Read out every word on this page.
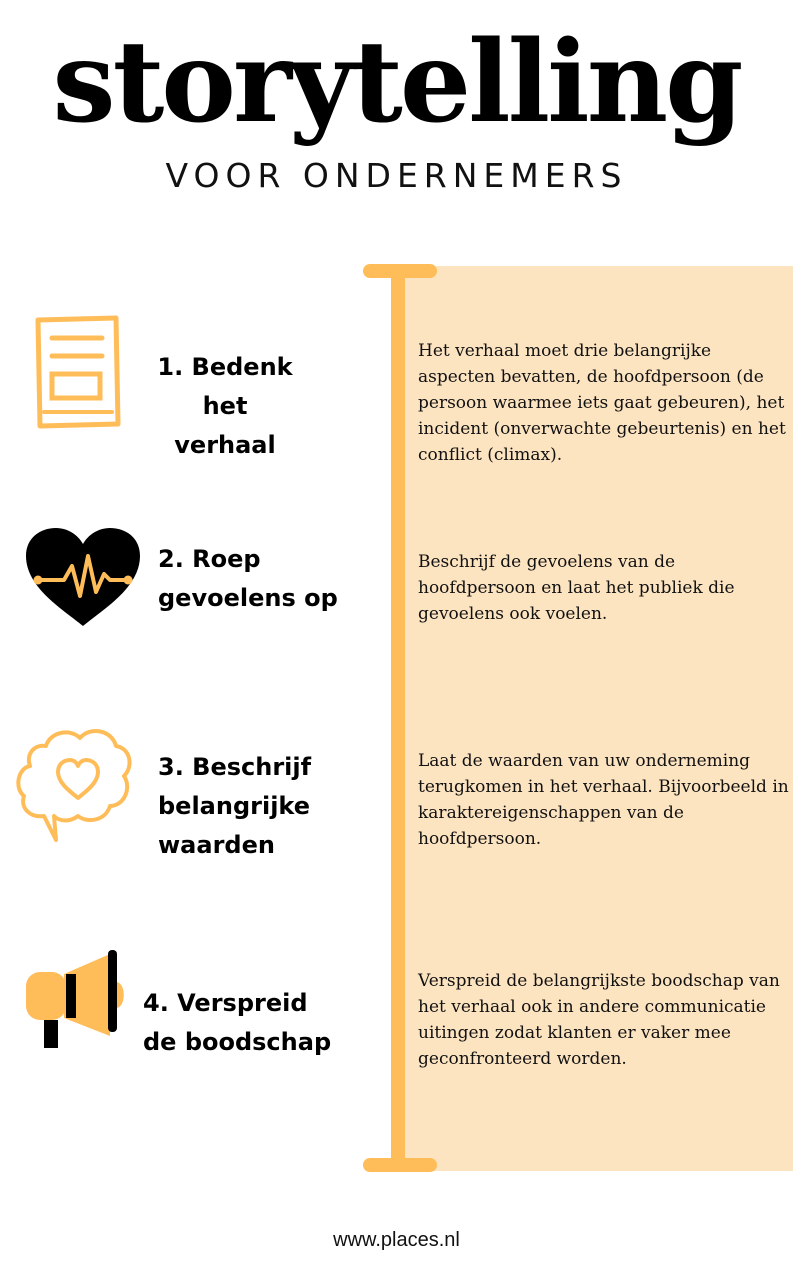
storytelling
VOOR ONDERNEMERS
1. Bedenk
het verhaal
Het verhaal moet drie belangrijke aspecten bevatten, de hoofdpersoon (de persoon waarmee iets gaat gebeuren), het incident (onverwachte gebeurtenis) en het conflict (climax).
2. Roep
gevoelens op
Beschrijf de gevoelens van de hoofdpersoon en laat het publiek die gevoelens ook voelen.
3. Beschrijf
belangrijke
waarden
Laat de waarden van uw onderneming terugkomen in het verhaal. Bijvoorbeeld in karaktereigenschappen van de hoofdpersoon.
4. Verspreid
de boodschap
Verspreid de belangrijkste boodschap van het verhaal ook in andere communicatie uitingen zodat klanten er vaker mee geconfronteerd worden.
www.places.nl
